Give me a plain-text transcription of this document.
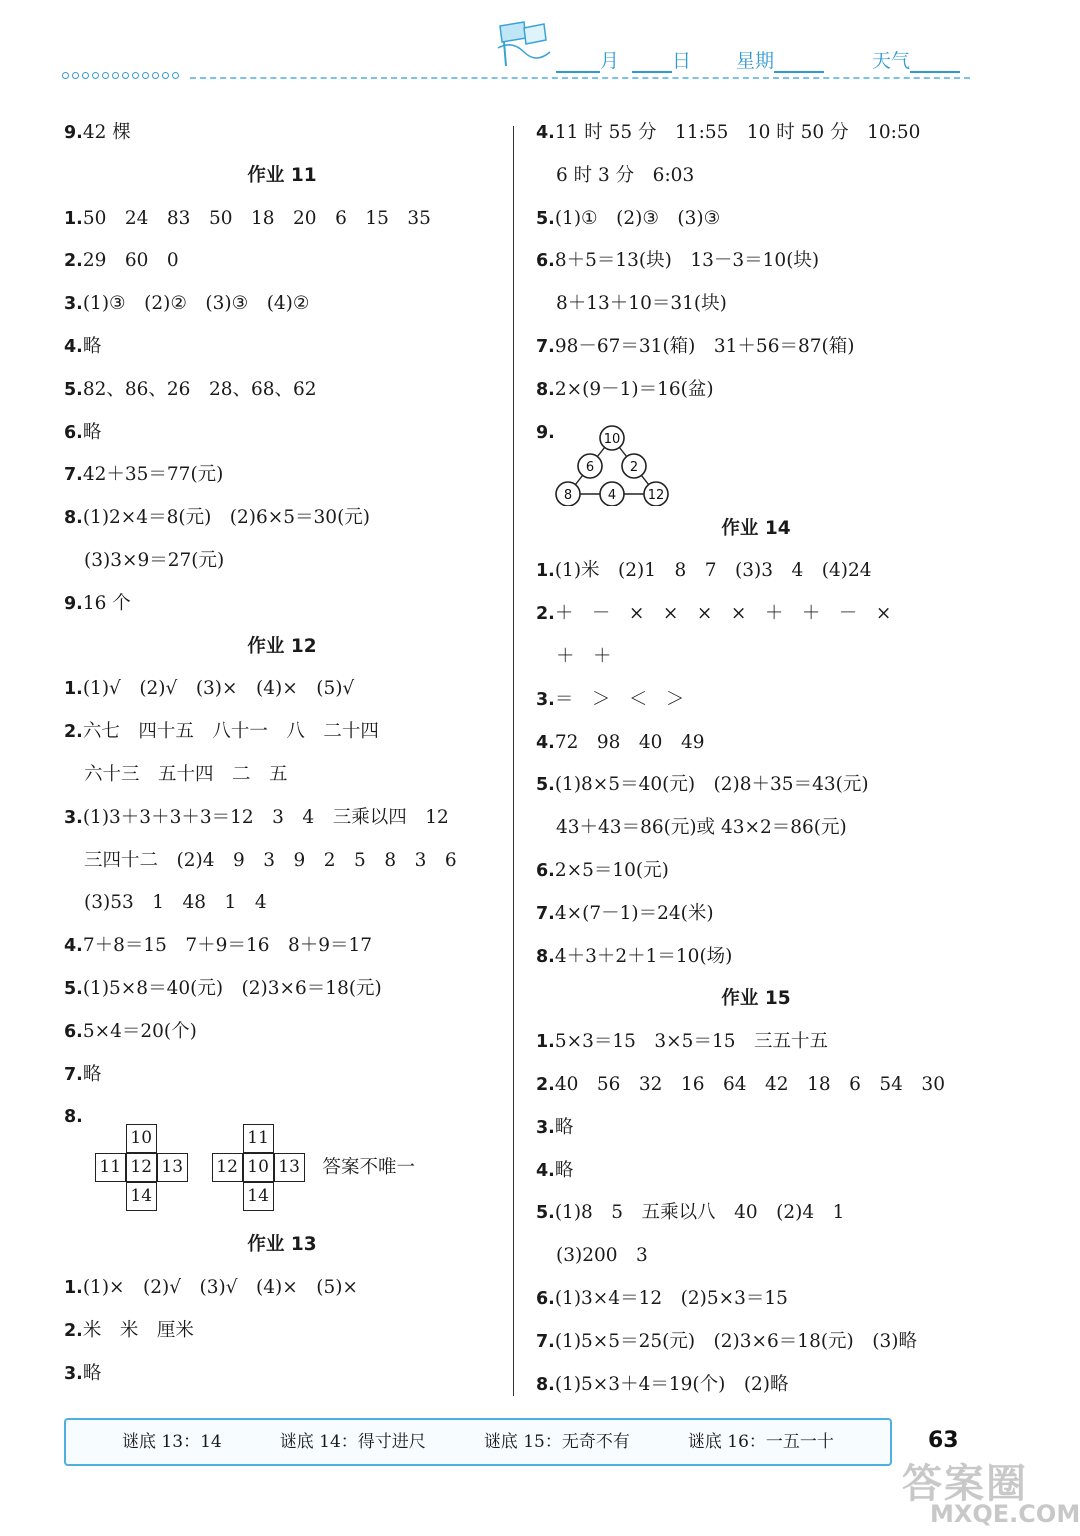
月	日 星期	天气
9.42 棵
作业 11
1.50　24　83　50　18　20　6　15　35
2.29　60　0
3.(1)③　(2)②　(3)③　(4)②
4.略
5.82、86、26　28、68、62
6.略
7.42＋35＝77(元)
8.(1)2×4＝8(元)　(2)6×5＝30(元)
(3)3×9＝27(元)
9.16 个
作业 12
1.(1)√　(2)√　(3)×　(4)×　(5)√
2.六七　四十五　八十一　八　二十四
六十三　五十四　二　五
3.(1)3＋3＋3＋3＝12　3　4　三乘以四　12
三四十二　(2)4　9　3　9　2　5　8　3　6
(3)53　1　48　1　4
4.7＋8＝15　7＋9＝16　8＋9＝17
5.(1)5×8＝40(元)　(2)3×6＝18(元)
6.5×4＝20(个)
7.略
8.
10
11 12 13
14

11
12 10 13
14
答案不唯一
作业 13
1.(1)×　(2)√　(3)√　(4)×　(5)×
2.米　米　厘米
3.略
4.11 时 55 分　11:55　10 时 50 分　10:50
6 时 3 分　6:03
5.(1)①　(2)③　(3)③
6.8＋5＝13(块)　13－3＝10(块)
8＋13＋10＝31(块)
7.98－67＝31(箱)　31＋56＝87(箱)
8.2×(9－1)＝16(盆)
9.	10
6	2
8	4 12
作业 14
1.(1)米　(2)1　8　7　(3)3　4　(4)24
2.＋　－　×　×　×　×　＋　＋　－　×
＋　＋
3.＝　＞　＜　＞
4.72　98　40　49
5.(1)8×5＝40(元)　(2)8＋35＝43(元)
43＋43＝86(元)或 43×2＝86(元)
6.2×5＝10(元)
7.4×(7－1)＝24(米)
8.4＋3＋2＋1＝10(场)
作业 15
1.5×3＝15　3×5＝15　三五十五
2.40　56　32　16　64　42　18　6　54　30
3.略
4.略
5.(1)8　5　五乘以八　40　(2)4　1
(3)200　3
6.(1)3×4＝12　(2)5×3＝15
7.(1)5×5＝25(元)　(2)3×6＝18(元)　(3)略
8.(1)5×3＋4＝19(个)　(2)略
谜底 13：14	谜底 14：得寸进尺	谜底 15：无奇不有	谜底 16：一五一十	63
答案圈
MXQE.COM
